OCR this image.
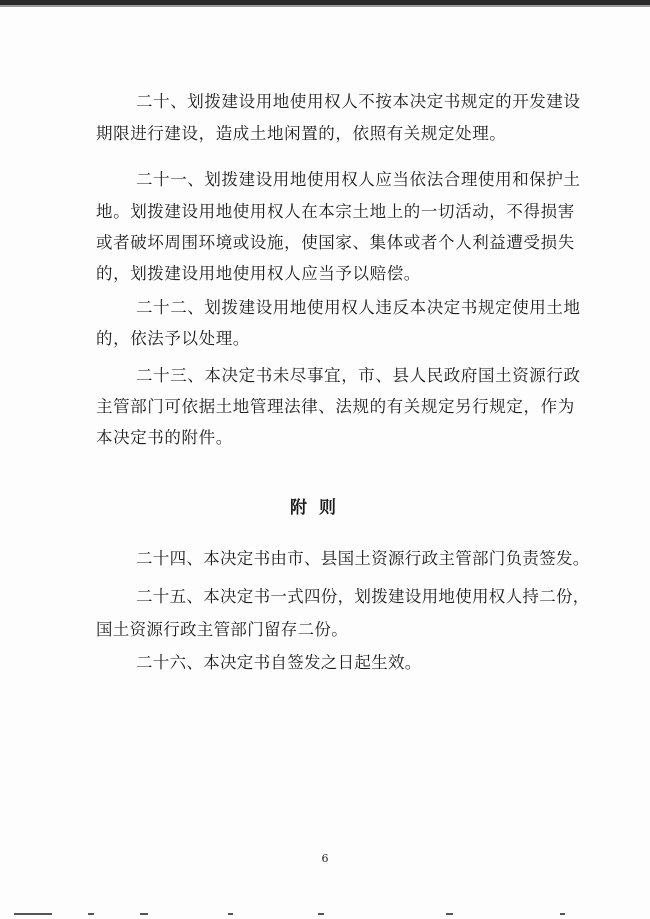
二十、划拨建设用地使用权人不按本决定书规定的开发建设
期限进行建设，造成土地闲置的，依照有关规定处理。
二十一、划拨建设用地使用权人应当依法合理使用和保护土
地。划拨建设用地使用权人在本宗土地上的一切活动，不得损害
或者破坏周围环境或设施，使国家、集体或者个人利益遭受损失
的，划拨建设用地使用权人应当予以赔偿。
二十二、划拨建设用地使用权人违反本决定书规定使用土地
的，依法予以处理。
二十三、本决定书未尽事宜，市、县人民政府国土资源行政
主管部门可依据土地管理法律、法规的有关规定另行规定，作为
本决定书的附件。
附则
二十四、本决定书由市、县国土资源行政主管部门负责签发。
二十五、本决定书一式四份，划拨建设用地使用权人持二份，
国土资源行政主管部门留存二份。
二十六、本决定书自签发之日起生效。
6
